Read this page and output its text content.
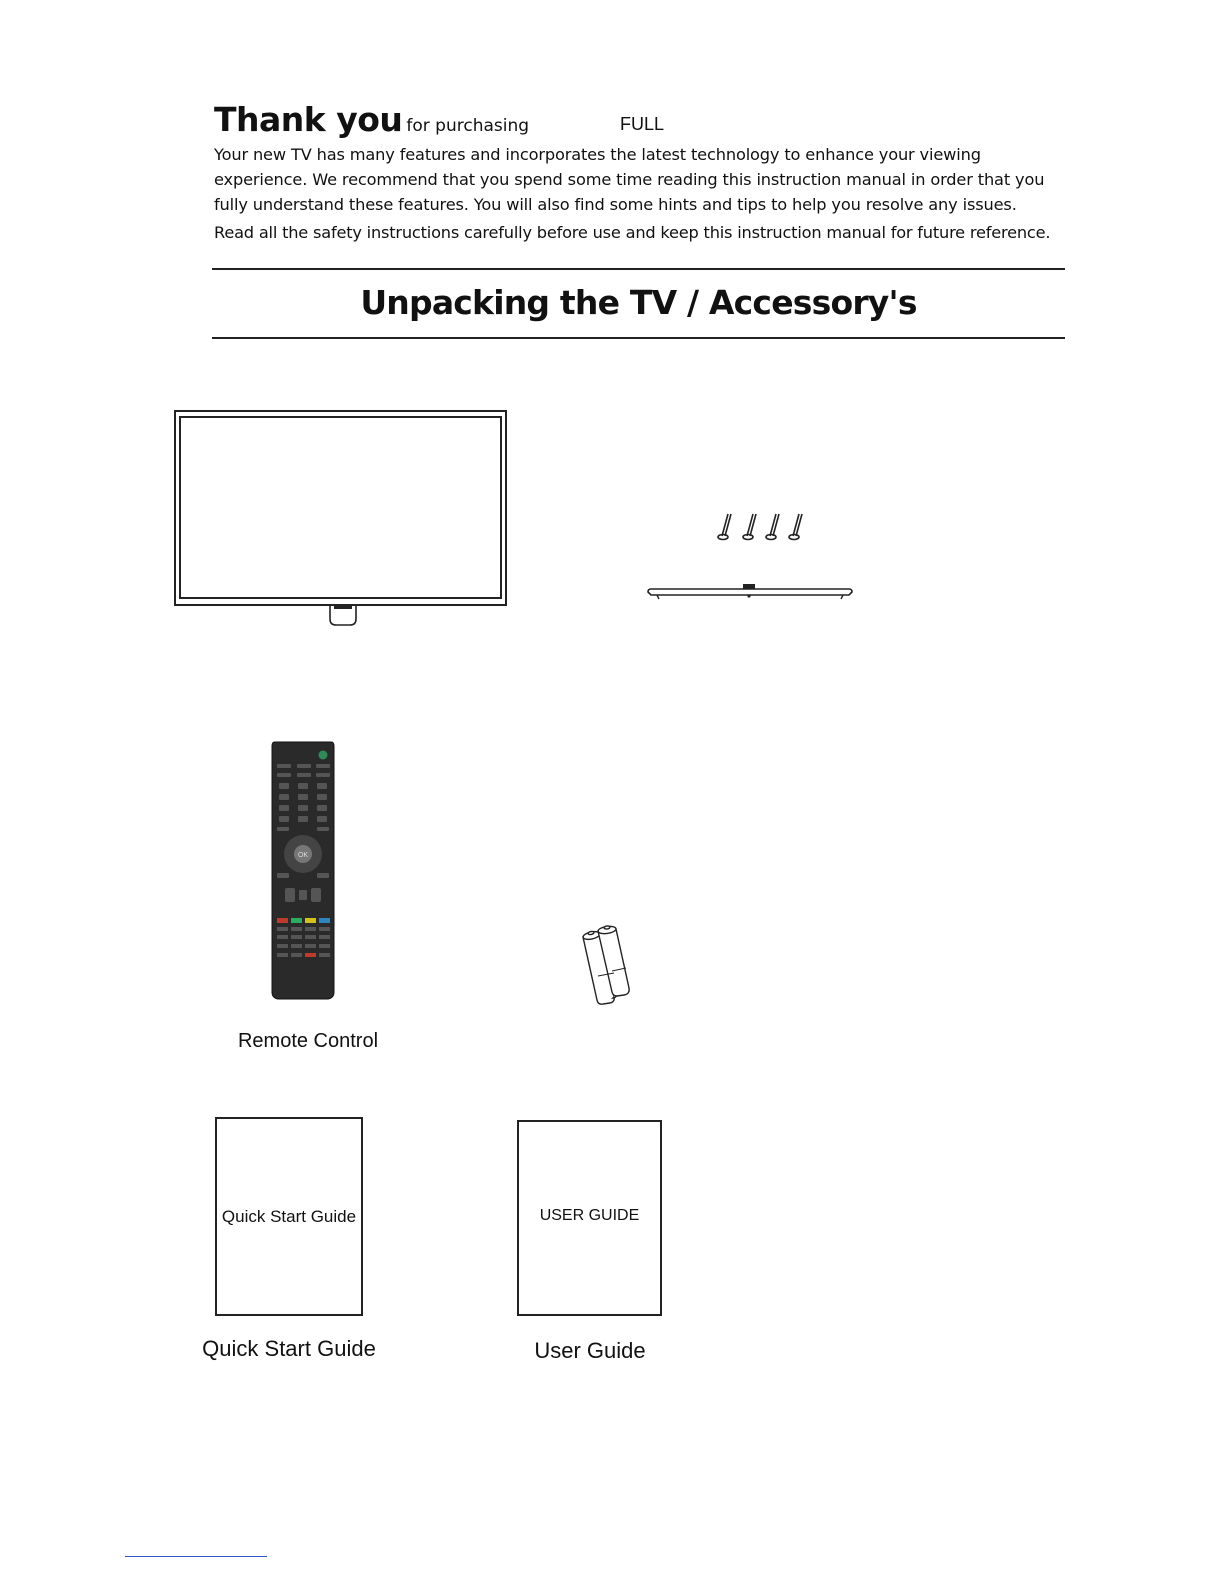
Thank you for purchasing	FULL
Your new TV has many features and incorporates the latest technology to enhance your viewing experience. We recommend that you spend some time reading this instruction manual in order that you fully understand these features. You will also find some hints and tips to help you resolve any issues.
Read all the safety instructions carefully before use and keep this instruction manual for future reference.
Unpacking the TV / Accessory's
OK
Remote Control
Quick Start Guide
Quick Start Guide
USER GUIDE
User Guide
